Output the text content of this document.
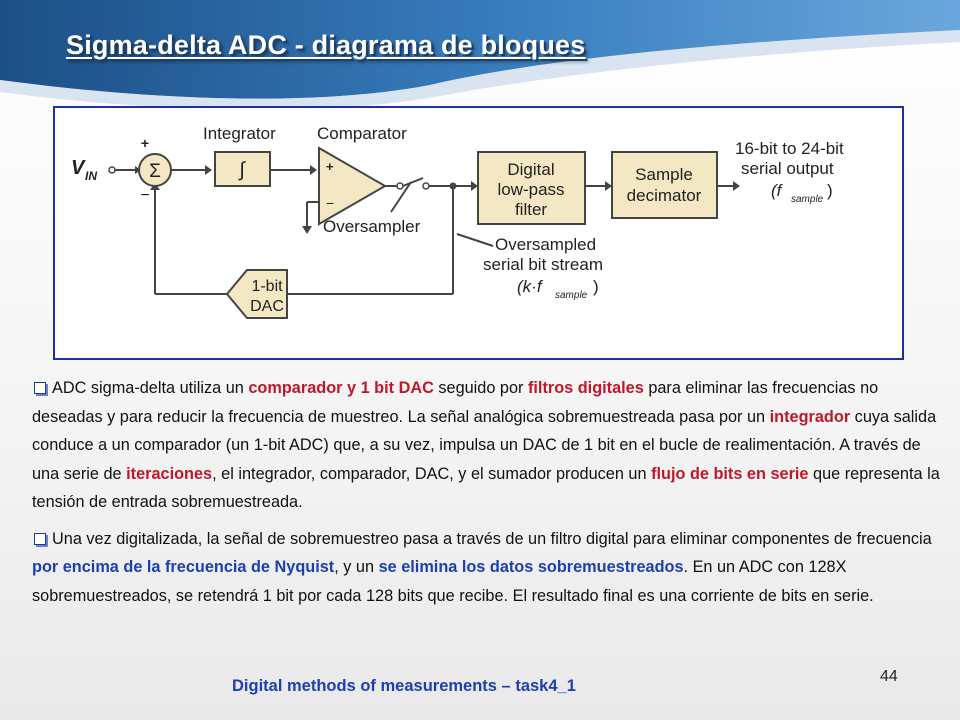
Sigma-delta ADC - diagrama de bloques
Σ
+
−
V IN	∫
Integrator
+
−
Comparator
Oversampler
Digital
low-pass
filter
Sample
decimator
16-bit to 24-bit
serial output
(f sample )
Oversampled
serial bit stream
(k·f sample )
1-bit
DAC

ADC sigma-delta utiliza un comparador y 1 bit DAC seguido por filtros digitales para eliminar las frecuencias no deseadas y para reducir la frecuencia de muestreo. La señal analógica sobremuestreada pasa por un integrador cuya salida conduce a un comparador (un 1-bit ADC) que, a su vez, impulsa un DAC de 1 bit en el bucle de realimentación. A través de una serie de iteraciones, el integrador, comparador, DAC, y el sumador producen un flujo de bits en serie que representa la tensión de entrada sobremuestreada.

Una vez digitalizada, la señal de sobremuestreo pasa a través de un filtro digital para eliminar componentes de frecuencia por encima de la frecuencia de Nyquist, y un se elimina los datos sobremuestreados. En un ADC con 128X sobremuestreados, se retendrá 1 bit por cada 128 bits que recibe. El resultado final es una corriente de bits en serie.

44
Digital methods of measurements – task4_1
